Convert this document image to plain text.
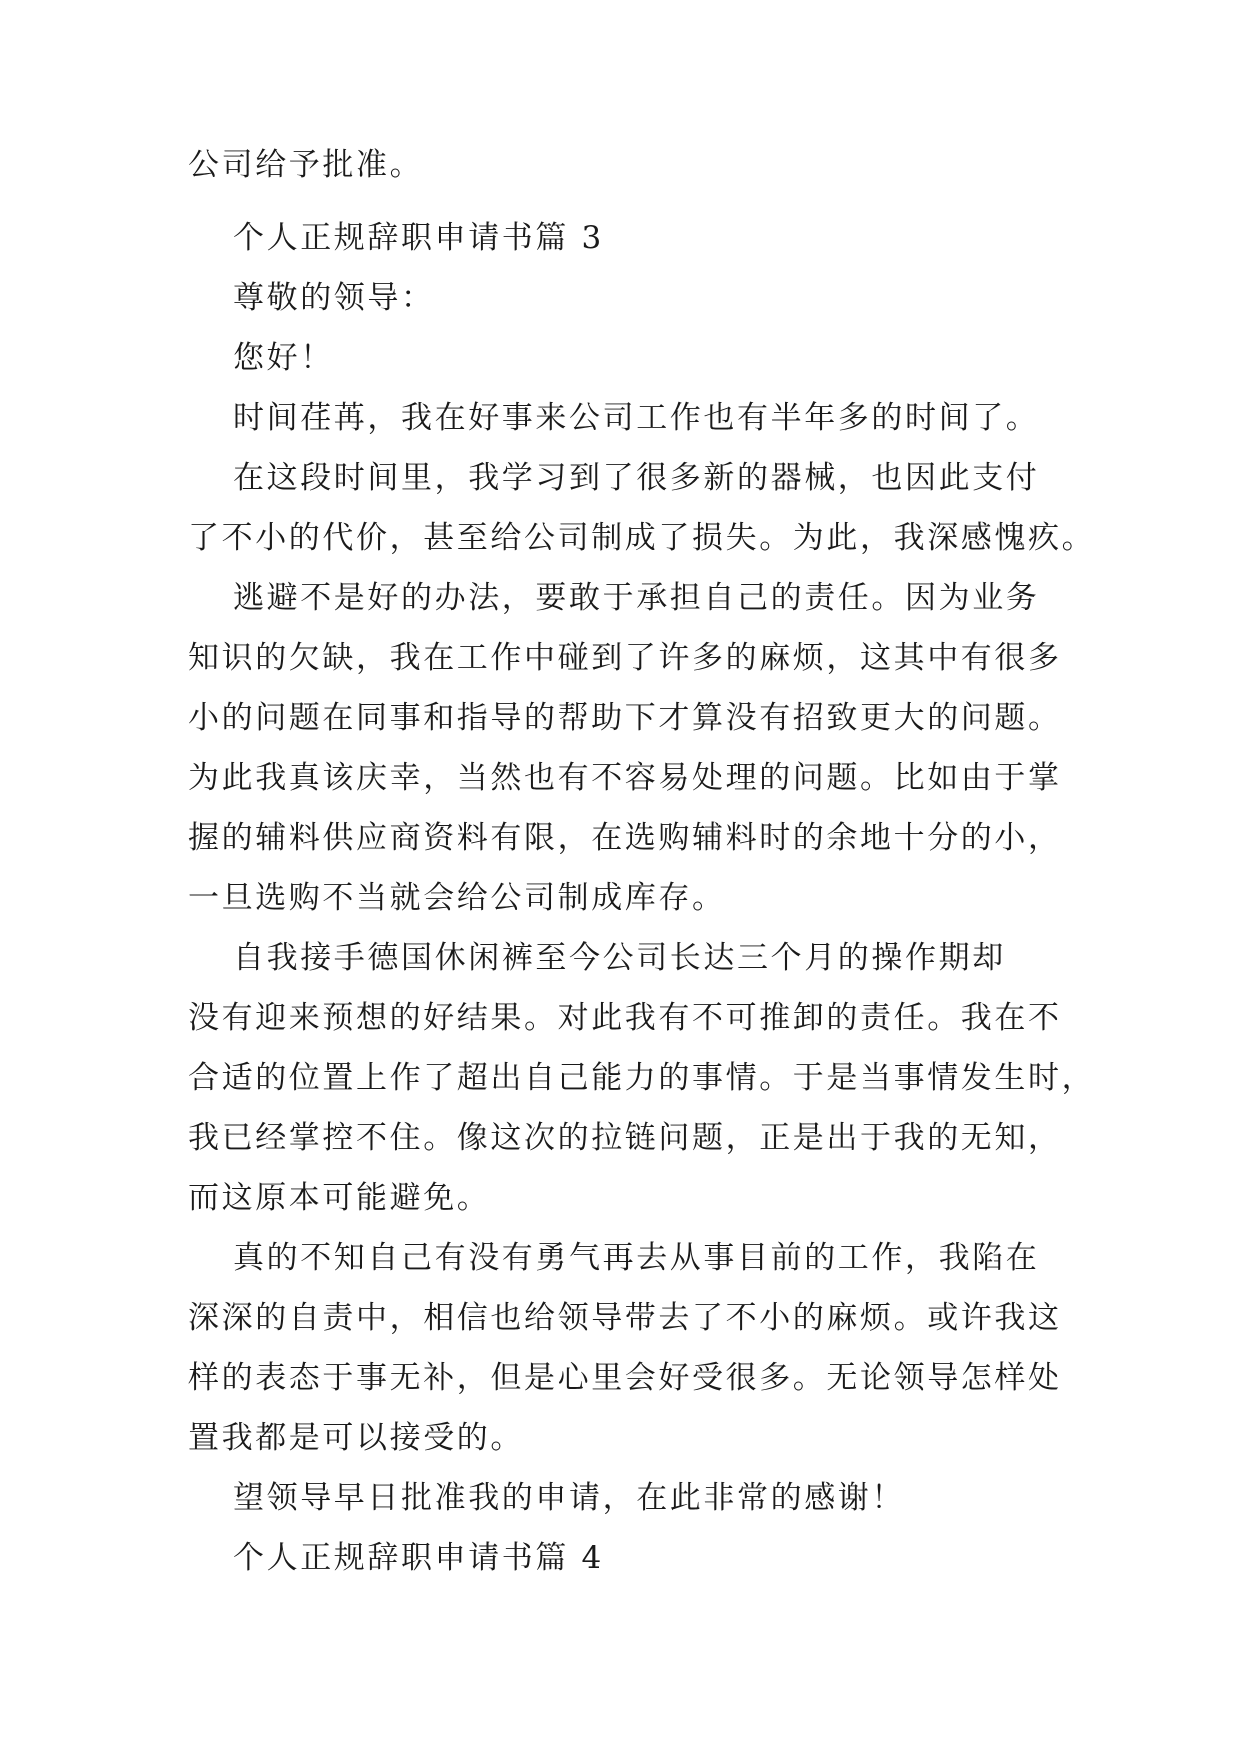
公司给予批准。
个人正规辞职申请书篇 3
尊敬的领导：
您好！
时间荏苒，我在好事来公司工作也有半年多的时间了。
在这段时间里，我学习到了很多新的器械，也因此支付
了不小的代价，甚至给公司制成了损失。为此，我深感愧疚。
逃避不是好的办法，要敢于承担自己的责任。因为业务
知识的欠缺，我在工作中碰到了许多的麻烦，这其中有很多
小的问题在同事和指导的帮助下才算没有招致更大的问题。
为此我真该庆幸，当然也有不容易处理的问题。比如由于掌
握的辅料供应商资料有限，在选购辅料时的余地十分的小，
一旦选购不当就会给公司制成库存。
自我接手德国休闲裤至今公司长达三个月的操作期却
没有迎来预想的好结果。对此我有不可推卸的责任。我在不
合适的位置上作了超出自己能力的事情。于是当事情发生时，
我已经掌控不住。像这次的拉链问题，正是出于我的无知，
而这原本可能避免。
真的不知自己有没有勇气再去从事目前的工作，我陷在
深深的自责中，相信也给领导带去了不小的麻烦。或许我这
样的表态于事无补，但是心里会好受很多。无论领导怎样处
置我都是可以接受的。
望领导早日批准我的申请，在此非常的感谢！
个人正规辞职申请书篇 4
